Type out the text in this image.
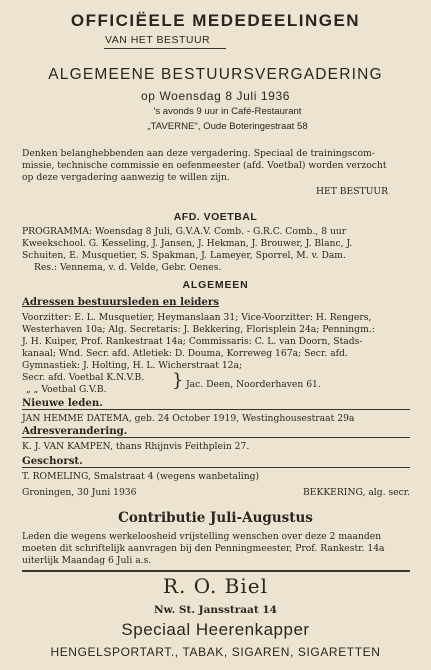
OFFICIËELE MEDEDEELINGEN
VAN HET BESTUUR
ALGEMEENE BESTUURSVERGADERING
op Woensdag 8 Juli 1936
's avonds 9 uur in Café-Restaurant
„TAVERNE", Oude Boteringestraat 58
Denken belanghebbenden aan deze vergadering. Speciaal de trainingscom-
missie, technische commissie en oefenmeester (afd. Voetbal) worden verzocht
op deze vergadering aanwezig te willen zijn.
HET BESTUUR
AFD. VOETBAL
PROGRAMMA: Woensdag 8 Juli, G.V.A.V. Comb. - G.R.C. Comb., 8 uur
Kweekschool. G. Kesseling, J. Jansen, J. Hekman, J. Brouwer, J. Blanc, J.
Schuiten, E. Musquetier, S. Spakman, J. Lameyer, Sporrel, M. v. Dam.
Res.: Vennema, v. d. Velde, Gebr. Oenes.
ALGEMEEN
Adressen bestuursleden en leiders
Voorzitter: E. L. Musquetier, Heymanslaan 31; Vice-Voorzitter: H. Rengers,
Westerhaven 10a; Alg. Secretaris: J. Bekkering, Florisplein 24a; Penningm.:
J. H. Kuiper, Prof. Rankestraat 14a; Commissaris: C. L. van Doorn, Stads-
kanaal; Wnd. Secr. afd. Atletiek: D. Douma, Korreweg 167a; Secr. afd.
Gymnastiek: J. Holting, H. L. Wicherstraat 12a;
Secr. afd. Voetbal K.N.V.B.
„ „ Voetbal G.V.B.	} Jac. Deen, Noorderhaven 61.
Nieuwe leden.
JAN HEMME DATEMA, geb. 24 October 1919, Westinghousestraat 29a
Adresverandering.
K. J. VAN KAMPEN, thans Rhijnvis Feithplein 27.
Geschorst.
T. ROMELING, Smalstraat 4 (wegens wanbetaling)
Groningen, 30 Juni 1936	BEKKERING, alg. secr.
Contributie Juli-Augustus
Leden die wegens werkeloosheid vrijstelling wenschen over deze 2 maanden
moeten dit schriftelijk aanvragen bij den Penningmeester, Prof. Rankestr. 14a
uiterlijk Maandag 6 Juli a.s.
R. O. Biel
Nw. St. Jansstraat 14
Speciaal Heerenkapper
HENGELSPORTART., TABAK, SIGAREN, SIGARETTEN
